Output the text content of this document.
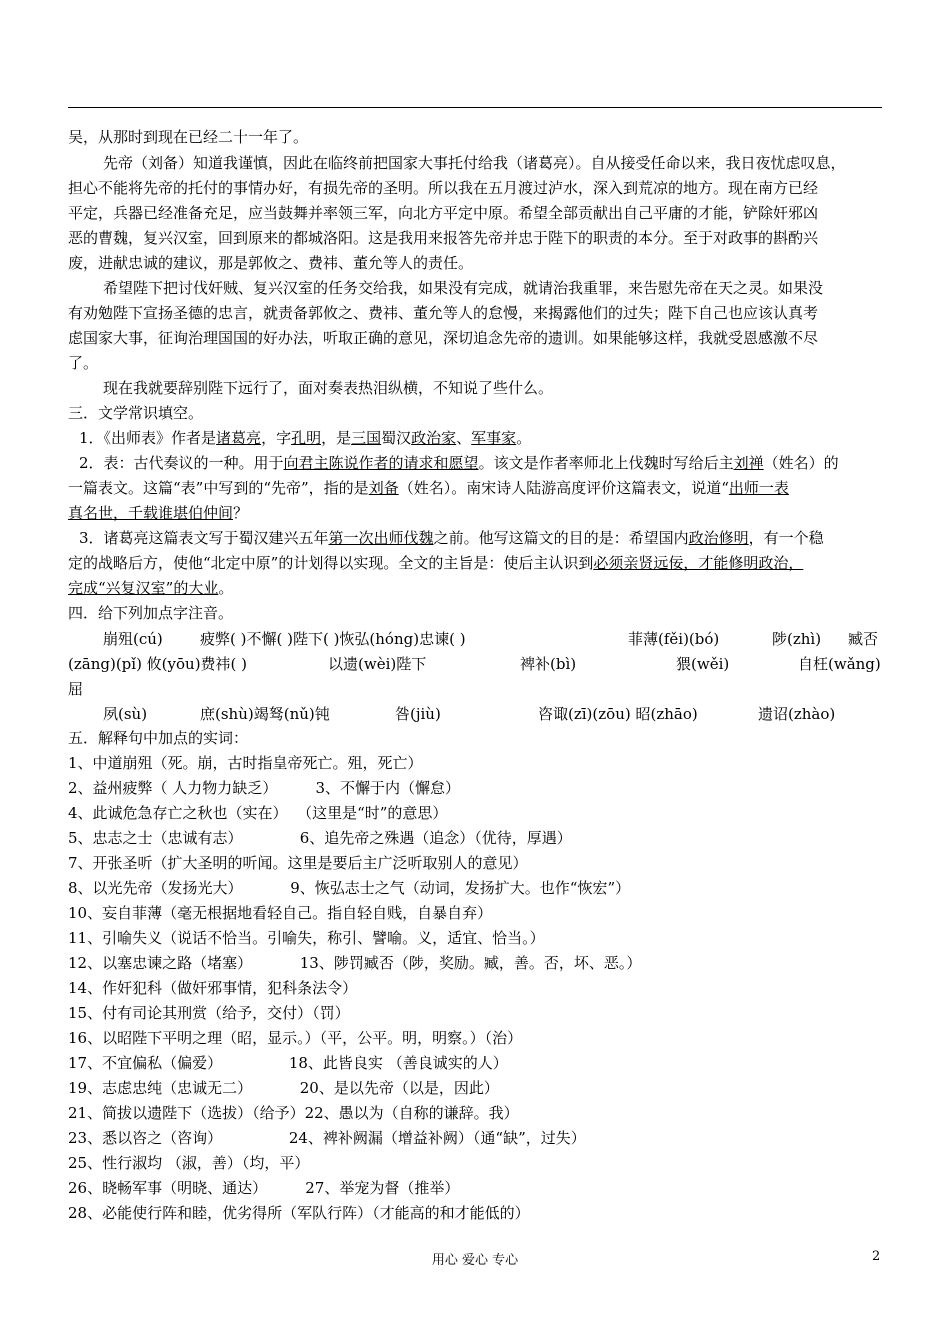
吴，从那时到现在已经二十一年了。
先帝（刘备）知道我谨慎，因此在临终前把国家大事托付给我（诸葛亮）。自从接受任命以来，我日夜忧虑叹息，
担心不能将先帝的托付的事情办好，有损先帝的圣明。所以我在五月渡过泸水，深入到荒凉的地方。现在南方已经
平定，兵器已经准备充足，应当鼓舞并率领三军，向北方平定中原。希望全部贡献出自己平庸的才能，铲除奸邪凶
恶的曹魏，复兴汉室，回到原来的都城洛阳。这是我用来报答先帝并忠于陛下的职责的本分。至于对政事的斟酌兴
废，进献忠诚的建议，那是郭攸之、费祎、董允等人的责任。
希望陛下把讨伐奸贼、复兴汉室的任务交给我，如果没有完成，就请治我重罪，来告慰先帝在天之灵。如果没
有劝勉陛下宣扬圣德的忠言，就责备郭攸之、费祎、董允等人的怠慢，来揭露他们的过失；陛下自己也应该认真考
虑国家大事，征询治理国国的好办法，听取正确的意见，深切追念先帝的遗训。如果能够这样，我就受恩感激不尽
了。
现在我就要辞别陛下远行了，面对奏表热泪纵横，不知说了些什么。
三．文学常识填空。
1．《出师表》作者是诸葛亮，字孔明，是三国蜀汉政治家、军事家。
2．表：古代奏议的一种。用于向君主陈说作者的请求和愿望。该文是作者率师北上伐魏时写给后主刘禅（姓名）的
一篇表文。这篇“表”中写到的“先帝”，指的是刘备（姓名）。南宋诗人陆游高度评价这篇表文，说道“出师一表
真名世，千载谁堪伯仲间？
3．诸葛亮这篇表文写于蜀汉建兴五年第一次出师伐魏之前。他写这篇文的目的是：希望国内政治修明，有一个稳
定的战略后方，使他“北定中原”的计划得以实现。全文的主旨是：使后主认识到必须亲贤远佞，才能修明政治，
完成“兴复汉室”的大业。
四．给下列加点字注音。
崩殂(cú) 疲弊( )不懈( )陛下( )恢弘(hóng)忠谏( )	菲薄(fěi)(bó)	陟(zhì) 臧否
(zāng)(pǐ) 攸(yōu)费祎( )	以遗(wèi)陛下	裨补(bì)	猥(wěi)	自枉(wǎng)
屈
夙(sù)	庶(shù)竭驽(nǔ)钝	咎(jiù)	咨诹(zī)(zōu) 昭(zhāo)	遗诏(zhào)
五．解释句中加点的实词：
1、中道崩殂（死。崩，古时指皇帝死亡。殂，死亡）
2、益州疲弊（ 人力物力缺乏）        3、不懈于内（懈怠）
4、此诚危急存亡之秋也（实在）  （这里是“时”的意思）
5、忠志之士（忠诚有志）            6、追先帝之殊遇（追念）（优待，厚遇）
7、开张圣听（扩大圣明的听闻。这里是要后主广泛听取别人的意见）
8、以光先帝（发扬光大）          9、恢弘志士之气（动词，发扬扩大。也作“恢宏”）
10、妄自菲薄（毫无根据地看轻自己。指自轻自贱，自暴自弃）
11、引喻失义（说话不恰当。引喻失，称引、譬喻。义，适宜、恰当。）
12、以塞忠谏之路（堵塞）          13、陟罚臧否（陟，奖励。臧，善。否，坏、恶。）
14、作奸犯科（做奸邪事情，犯科条法令）
15、付有司论其刑赏（给予，交付）（罚）
16、以昭陛下平明之理（昭，显示。）（平，公平。明，明察。）（治）
17、不宜偏私（偏爱）              18、此皆良实 （善良诚实的人）
19、志虑忠纯（忠诚无二）          20、是以先帝（以是，因此）
21、简拔以遗陛下（选拔）（给予）22、愚以为（自称的谦辞。我）
23、悉以咨之（咨询）              24、裨补阙漏（增益补阙）（通“缺”，过失）
25、性行淑均 （淑，善）（均，平）
26、晓畅军事（明晓、通达）        27、举宠为督（推举）
28、必能使行阵和睦，优劣得所（军队行阵）（才能高的和才能低的）
用心 爱心 专心	2
